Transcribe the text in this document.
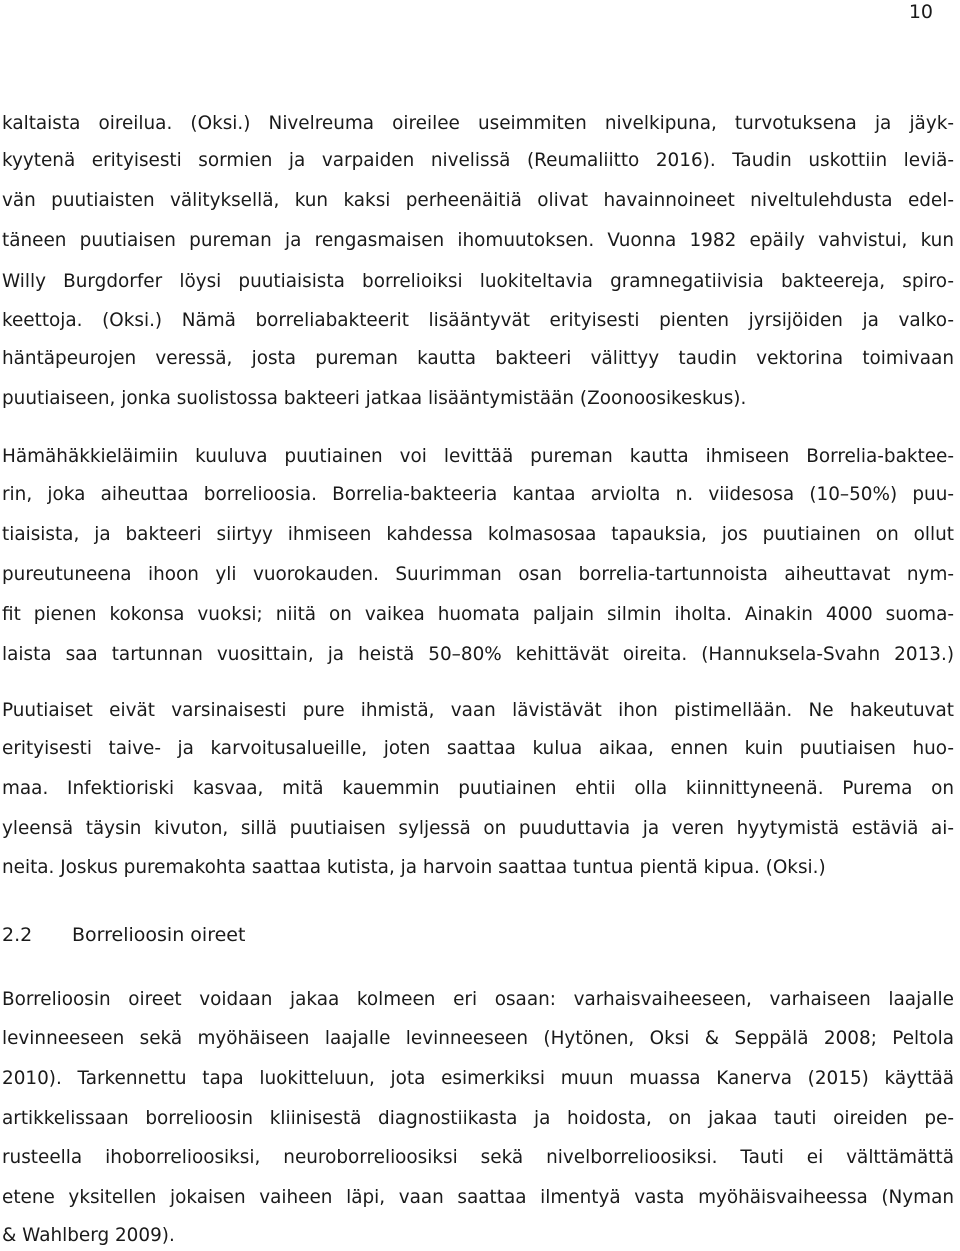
10
kaltaista oireilua. (Oksi.) Nivelreuma oireilee useimmiten nivelkipuna, turvotuksena ja jäyk-
kyytenä erityisesti sormien ja varpaiden nivelissä (Reumaliitto 2016). Taudin uskottiin leviä-
vän puutiaisten välityksellä, kun kaksi perheenäitiä olivat havainnoineet niveltulehdusta edel-
täneen puutiaisen pureman ja rengasmaisen ihomuutoksen. Vuonna 1982 epäily vahvistui, kun
Willy Burgdorfer löysi puutiaisista borrelioiksi luokiteltavia gramnegatiivisia bakteereja, spiro-
keettoja. (Oksi.) Nämä borreliabakteerit lisääntyvät erityisesti pienten jyrsijöiden ja valko-
häntäpeurojen veressä, josta pureman kautta bakteeri välittyy taudin vektorina toimivaan
puutiaiseen, jonka suolistossa bakteeri jatkaa lisääntymistään (Zoonoosikeskus).
Hämähäkkieläimiin kuuluva puutiainen voi levittää pureman kautta ihmiseen Borrelia-baktee-
rin, joka aiheuttaa borrelioosia. Borrelia-bakteeria kantaa arviolta n. viidesosa (10–50%) puu-
tiaisista, ja bakteeri siirtyy ihmiseen kahdessa kolmasosaa tapauksia, jos puutiainen on ollut
pureutuneena ihoon yli vuorokauden. Suurimman osan borrelia-tartunnoista aiheuttavat nym-
fit pienen kokonsa vuoksi; niitä on vaikea huomata paljain silmin iholta. Ainakin 4000 suoma-
laista saa tartunnan vuosittain, ja heistä 50–80% kehittävät oireita. (Hannuksela-Svahn 2013.)
Puutiaiset eivät varsinaisesti pure ihmistä, vaan lävistävät ihon pistimellään. Ne hakeutuvat
erityisesti taive- ja karvoitusalueille, joten saattaa kulua aikaa, ennen kuin puutiaisen huo-
maa. Infektioriski kasvaa, mitä kauemmin puutiainen ehtii olla kiinnittyneenä. Purema on
yleensä täysin kivuton, sillä puutiaisen syljessä on puuduttavia ja veren hyytymistä estäviä ai-
neita. Joskus puremakohta saattaa kutista, ja harvoin saattaa tuntua pientä kipua. (Oksi.)
2.2 Borrelioosin oireet
Borrelioosin oireet voidaan jakaa kolmeen eri osaan: varhaisvaiheeseen, varhaiseen laajalle
levinneeseen sekä myöhäiseen laajalle levinneeseen (Hytönen, Oksi & Seppälä 2008; Peltola
2010). Tarkennettu tapa luokitteluun, jota esimerkiksi muun muassa Kanerva (2015) käyttää
artikkelissaan borrelioosin kliinisestä diagnostiikasta ja hoidosta, on jakaa tauti oireiden pe-
rusteella ihoborrelioosiksi, neuroborrelioosiksi sekä nivelborrelioosiksi. Tauti ei välttämättä
etene yksitellen jokaisen vaiheen läpi, vaan saattaa ilmentyä vasta myöhäisvaiheessa (Nyman
& Wahlberg 2009).
